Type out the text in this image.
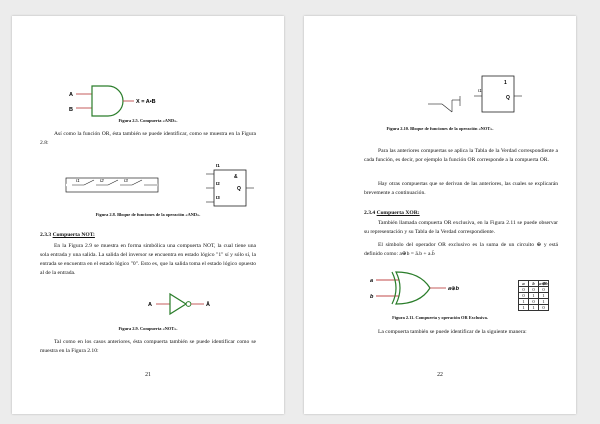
A
B
X = A•B
Figura 2.5. Compuerta «AND».
Así como la función OR, ésta también se puede identificar, como se muestra en la Figura 2.8:
I1	I2	I3
I1
I2
I3
&
Q
Figura 2.8. Bloque de funciones de la operación «AND».
2.3.3 Compuerta NOT:
En la Figura 2.9 se muestra en forma simbólica una compuerta NOT, la cual tiene una sola entrada y una salida. La salida del inversor se encuentra en estado lógico "1" sí y sólo sí, la entrada se encuentra en el estado lógico "0". Esto es, que la salida toma el estado lógico opuesto al de la entrada.
A	Ā
Figura 2.9. Compuerta «NOT».
Tal como en los casos anteriores, ésta compuerta también se puede identificar como se muestra en la Figura 2.10:
21
I1
1
Q
Figura 2.10. Bloque de funciones de la operación «NOT».
Para las anteriores compuertas se aplica la Tabla de la Verdad correspondiente a cada función, es decir, por ejemplo la función OR corresponde a la compuerta OR.
Hay otras compuertas que se derivan de las anteriores, las cuales se explicarán brevemente a continuación.
2.3.4 Compuerta XOR:
También llamada compuerta OR exclusiva, en la Figura 2.11 se puede observar su representación y su Tabla de la Verdad correspondiente.
El símbolo del operador OR exclusivo es la suma de un circuito ⊕ y está definido como: a⊕b = ā.b + a.b̄
a
b
a⊕b
a	b	a⊕b
0	0	0
0	1	1
1	0	1
1	1	0
Figura 2.11. Compuerta y operación OR Exclusiva.
La compuerta también se puede identificar de la siguiente manera:
22
